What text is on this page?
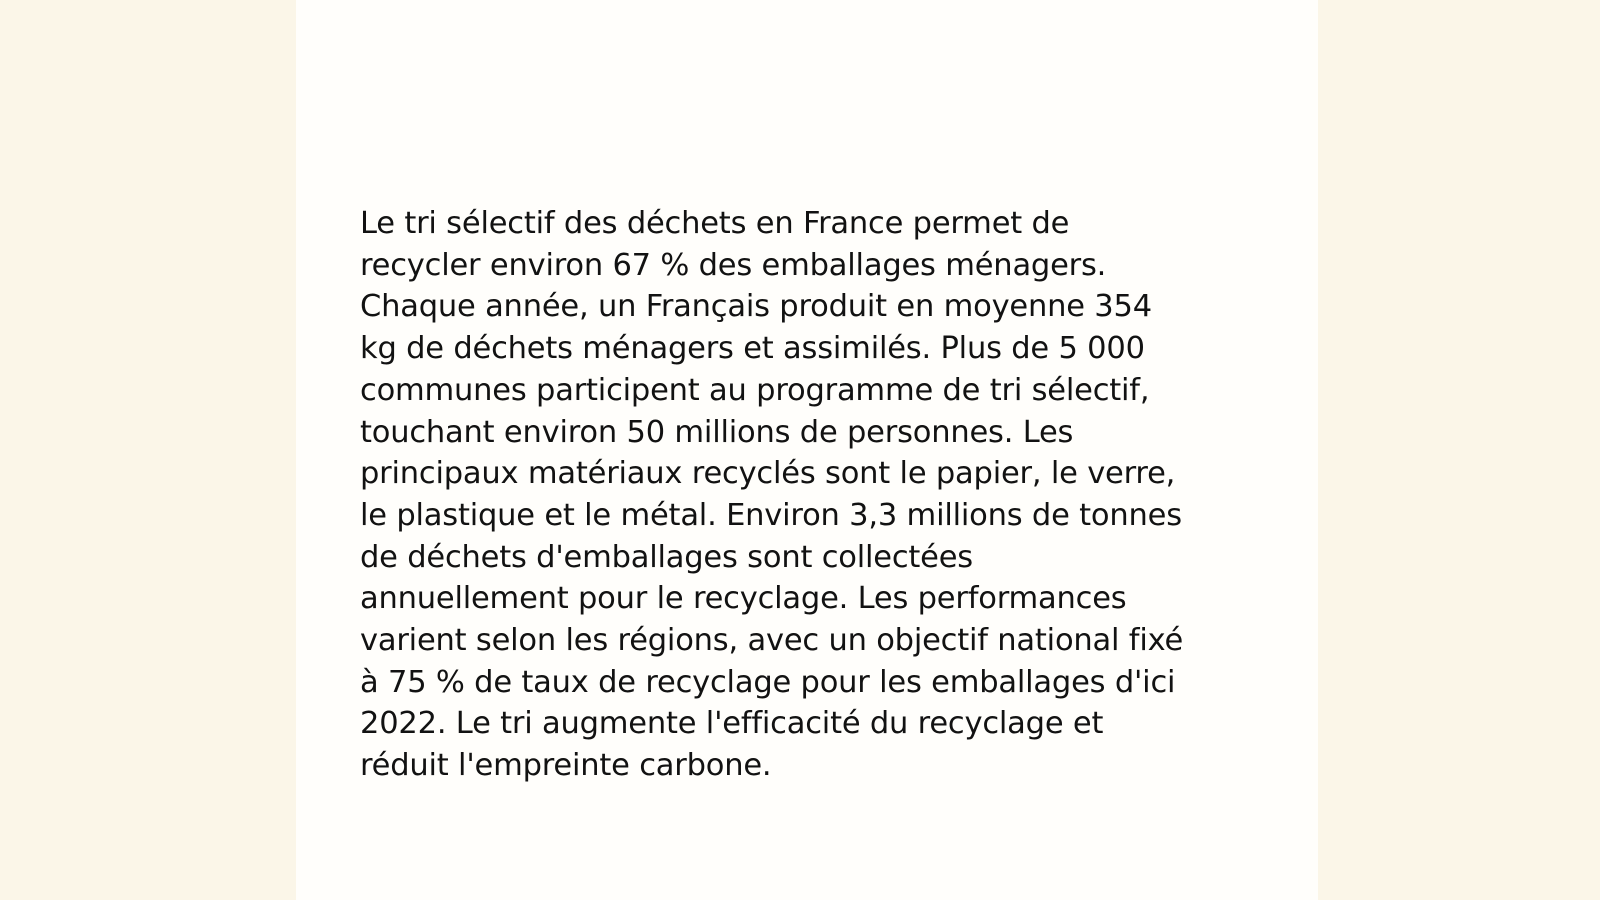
Le tri sélectif des déchets en France permet de
recycler environ 67 % des emballages ménagers.
Chaque année, un Français produit en moyenne 354
kg de déchets ménagers et assimilés. Plus de 5 000
communes participent au programme de tri sélectif,
touchant environ 50 millions de personnes. Les
principaux matériaux recyclés sont le papier, le verre,
le plastique et le métal. Environ 3,3 millions de tonnes
de déchets d'emballages sont collectées
annuellement pour le recyclage. Les performances
varient selon les régions, avec un objectif national fixé
à 75 % de taux de recyclage pour les emballages d'ici
2022. Le tri augmente l'efficacité du recyclage et
réduit l'empreinte carbone.
